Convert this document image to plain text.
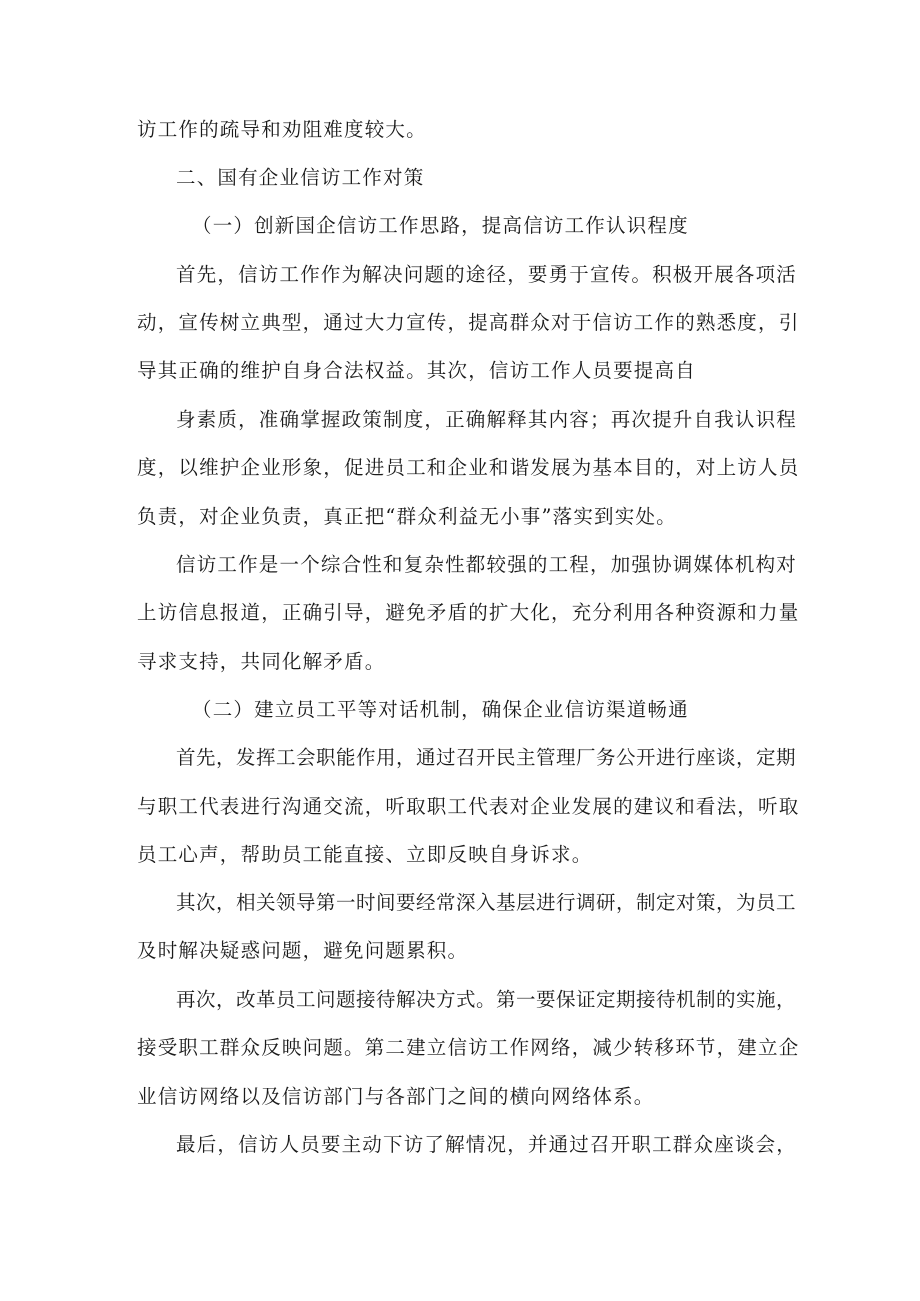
访工作的疏导和劝阻难度较大。
二、国有企业信访工作对策
（一）创新国企信访工作思路，提高信访工作认识程度
首先，信访工作作为解决问题的途径，要勇于宣传。积极开展各项活
动，宣传树立典型，通过大力宣传，提高群众对于信访工作的熟悉度，引
导其正确的维护自身合法权益。其次，信访工作人员要提高自
身素质，准确掌握政策制度，正确解释其内容；再次提升自我认识程
度，以维护企业形象，促进员工和企业和谐发展为基本目的，对上访人员
负责，对企业负责，真正把“群众利益无小事”落实到实处。
信访工作是一个综合性和复杂性都较强的工程，加强协调媒体机构对
上访信息报道，正确引导，避免矛盾的扩大化，充分利用各种资源和力量
寻求支持，共同化解矛盾。
（二）建立员工平等对话机制，确保企业信访渠道畅通
首先，发挥工会职能作用，通过召开民主管理厂务公开进行座谈，定期
与职工代表进行沟通交流，听取职工代表对企业发展的建议和看法，听取
员工心声，帮助员工能直接、立即反映自身诉求。
其次，相关领导第一时间要经常深入基层进行调研，制定对策，为员工
及时解决疑惑问题，避免问题累积。
再次，改革员工问题接待解决方式。第一要保证定期接待机制的实施，
接受职工群众反映问题。第二建立信访工作网络，减少转移环节，建立企
业信访网络以及信访部门与各部门之间的横向网络体系。
最后，信访人员要主动下访了解情况，并通过召开职工群众座谈会，
